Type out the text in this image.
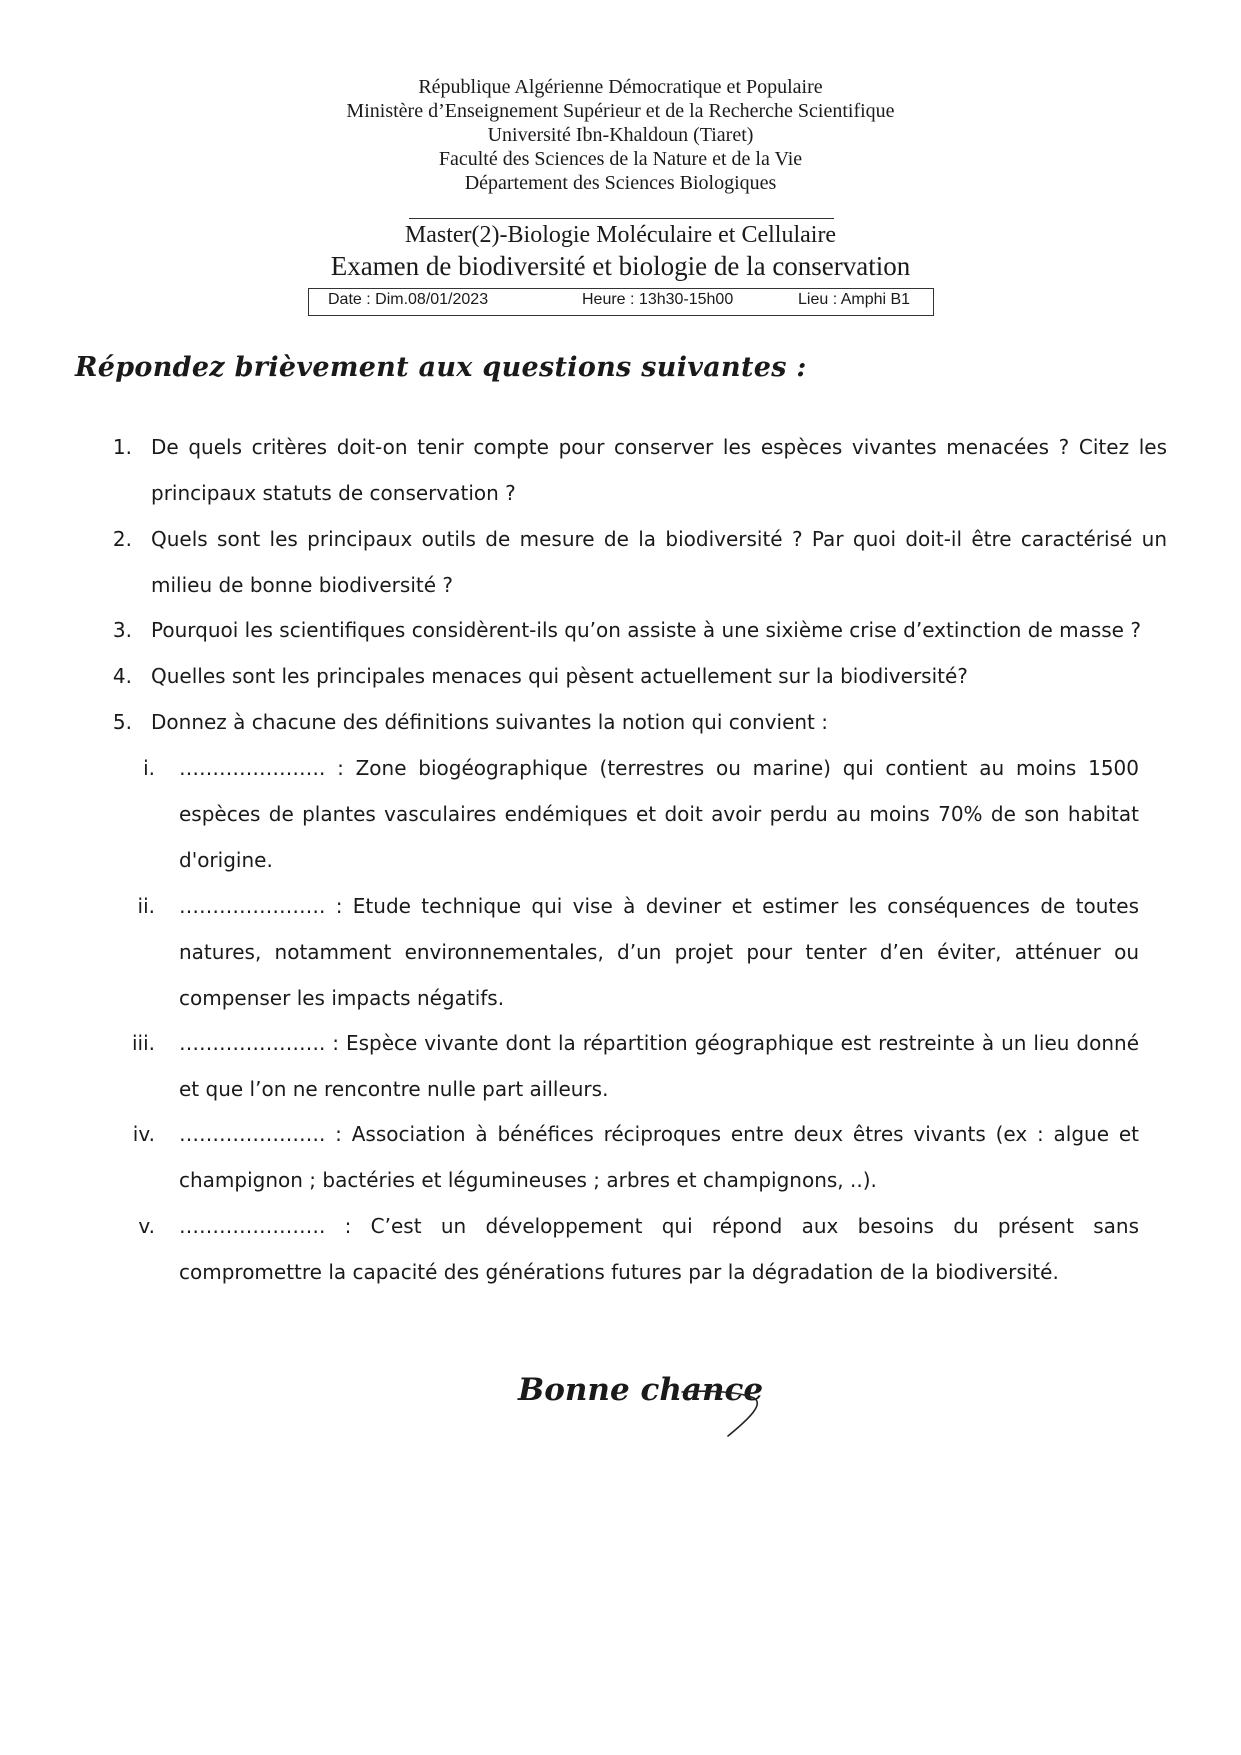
République Algérienne Démocratique et Populaire
Ministère d’Enseignement Supérieur et de la Recherche Scientifique
Université Ibn-Khaldoun (Tiaret)
Faculté des Sciences de la Nature et de la Vie
Département des Sciences Biologiques
Master(2)-Biologie Moléculaire et Cellulaire
Examen de biodiversité et biologie de la conservation
Date : Dim.08/01/2023	Heure : 13h30-15h00	Lieu : Amphi B1
Répondez brièvement aux questions suivantes :
1. De quels critères doit-on tenir compte pour conserver les espèces vivantes menacées ? Citez les
principaux statuts de conservation ?
2. Quels sont les principaux outils de mesure de la biodiversité ? Par quoi doit-il être caractérisé un
milieu de bonne biodiversité ?
3. Pourquoi les scientifiques considèrent-ils qu’on assiste à une sixième crise d’extinction de masse ?
4. Quelles sont les principales menaces qui pèsent actuellement sur la biodiversité?
5. Donnez à chacune des définitions suivantes la notion qui convient :
i. …………………. : Zone biogéographique (terrestres ou marine) qui contient au moins 1500
espèces de plantes vasculaires endémiques et doit avoir perdu au moins 70% de son habitat
d'origine.
ii. …………………. : Etude technique qui vise à deviner et estimer les conséquences de toutes
natures, notamment environnementales, d’un projet pour tenter d’en éviter, atténuer ou
compenser les impacts négatifs.
iii. …………………. : Espèce vivante dont la répartition géographique est restreinte à un lieu donné
et que l’on ne rencontre nulle part ailleurs.
iv. …………………. : Association à bénéfices réciproques entre deux êtres vivants (ex : algue et
champignon ; bactéries et légumineuses ; arbres et champignons, ..).
v. …………………. : C’est un développement qui répond aux besoins du présent sans
compromettre la capacité des générations futures par la dégradation de la biodiversité.
Bonne chance
